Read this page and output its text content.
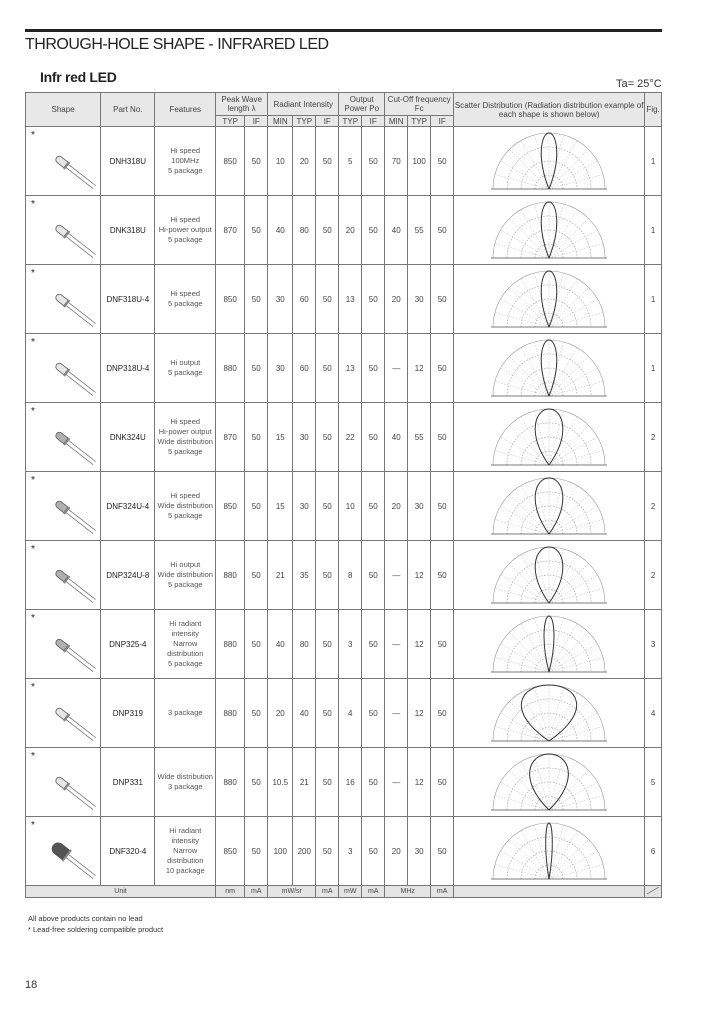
THROUGH-HOLE SHAPE - INFRARED LED
Infr red LED	Ta= 25°C
Shape	Part No.	Features	Peak Wave length λ		Radiant Intensity			Output Power Po		Cut-Off frequency Fc			Scatter Distribution (Radiation distribution example of each shape is shown below)	Fig.
			TYP	IF	MIN	TYP	IF	TYP	IF	MIN	TYP	IF		

*	DNH318U	Hi speed
100MHz
5 package	850	50	10	20	50	5	50	70	100	50		1

*	DNK318U	Hi speed
Hi-power output
5 package	870	50	40	80	50	20	50	40	55	50		1

*	DNF318U-4	Hi speed
5 package	850	50	30	60	50	13	50	20	30	50		1

*	DNP318U-4	Hi output
5 package	880	50	30	60	50	13	50	—	12	50		1

*	DNK324U	Hi speed
Hi-power output
Wide distribution
5 package	870	50	15	30	50	22	50	40	55	50		2

*	DNF324U-4	Hi speed
Wide distribution
5 package	850	50	15	30	50	10	50	20	30	50		2

*	DNP324U-8	Hi output
Wide distribution
5 package	880	50	21	35	50	8	50	—	12	50		2

*	DNP325-4	Hi radiant
intensity
Narrow
distribution
5 package	880	50	40	80	50	3	50	—	12	50		3

*	DNP319	3 package	880	50	20	40	50	4	50	—	12	50		4

*	DNP331	Wide distribution
3 package	880	50	10.5	21	50	16	50	—	12	50		5

*	DNF320-4	Hi radiant
intensity
Narrow
distribution
10 package	850	50	100	200	50	3	50	20	30	50		6
Unit			nm	mA	mW/sr		mA	mW	mA	MHz		mA		
All above products contain no lead
* Lead-free soldering compatible product
18
